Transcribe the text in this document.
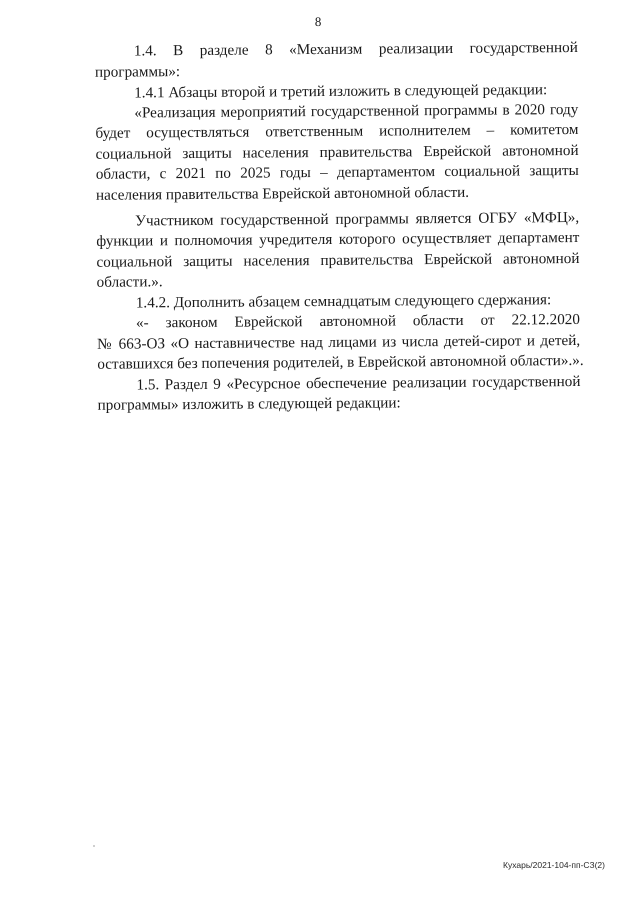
8
1.4. В разделе 8 «Механизм реализации государственной
программы»:
1.4.1 Абзацы второй и третий изложить в следующей редакции:
«Реализация мероприятий государственной программы в 2020 году
будет осуществляться ответственным исполнителем – комитетом
социальной защиты населения правительства Еврейской автономной
области, с 2021 по 2025 годы – департаментом социальной защиты
населения правительства Еврейской автономной области.
Участником государственной программы является ОГБУ «МФЦ»,
функции и полномочия учредителя которого осуществляет департамент
социальной защиты населения правительства Еврейской автономной
области.».
1.4.2. Дополнить абзацем семнадцатым следующего сдержания:
«- законом Еврейской автономной области от 22.12.2020
№ 663-ОЗ «О наставничестве над лицами из числа детей-сирот и детей,
оставшихся без попечения родителей, в Еврейской автономной области».».
1.5. Раздел 9 «Ресурсное обеспечение реализации государственной
программы» изложить в следующей редакции:
Кухарь/2021-104-пп-СЗ(2)
